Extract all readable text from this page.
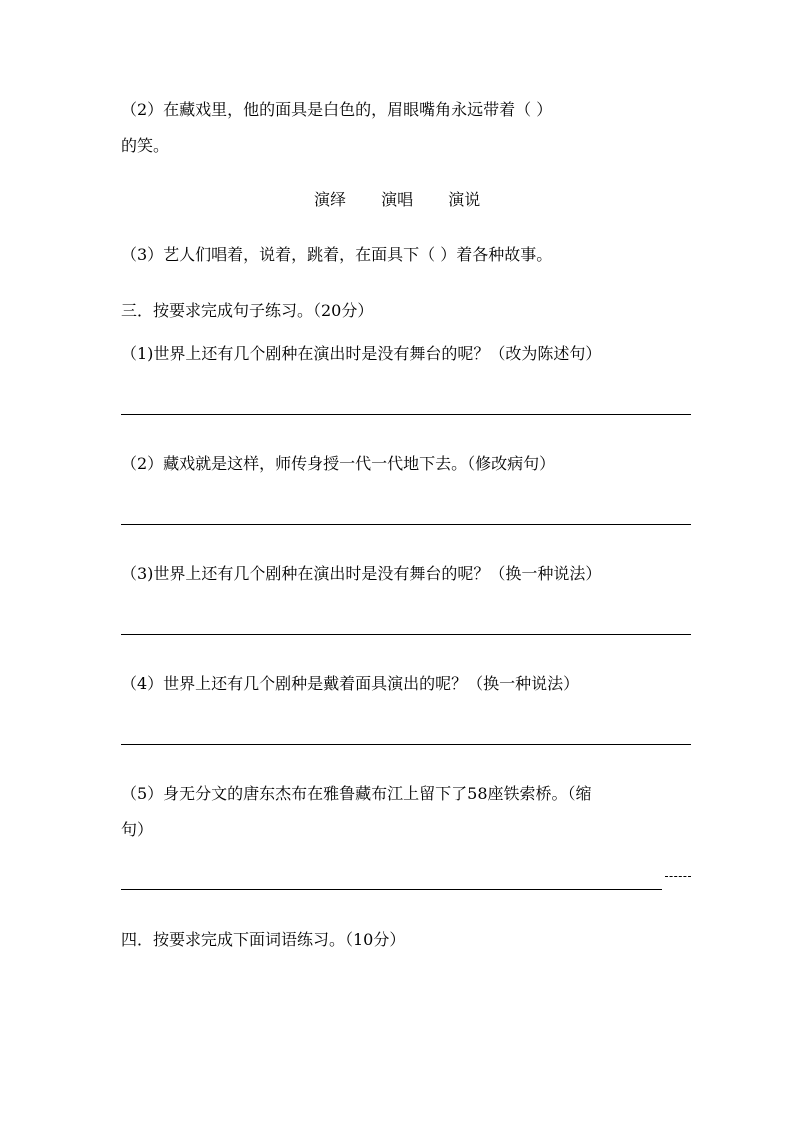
（2）在藏戏里，他的面具是白色的，眉眼嘴角永远带着（ ）
的笑。
演绎 演唱 演说
（3）艺人们唱着，说着，跳着，在面具下（ ）着各种故事。
三．按要求完成句子练习。（20分）
（1)世界上还有几个剧种在演出时是没有舞台的呢？（改为陈述句）
（2）藏戏就是这样，师传身授一代一代地下去。（修改病句）
（3)世界上还有几个剧种在演出时是没有舞台的呢？（换一种说法）
（4）世界上还有几个剧种是戴着面具演出的呢？（换一种说法）
（5）身无分文的唐东杰布在雅鲁藏布江上留下了58座铁索桥。（缩
句）
四．按要求完成下面词语练习。（10分）
